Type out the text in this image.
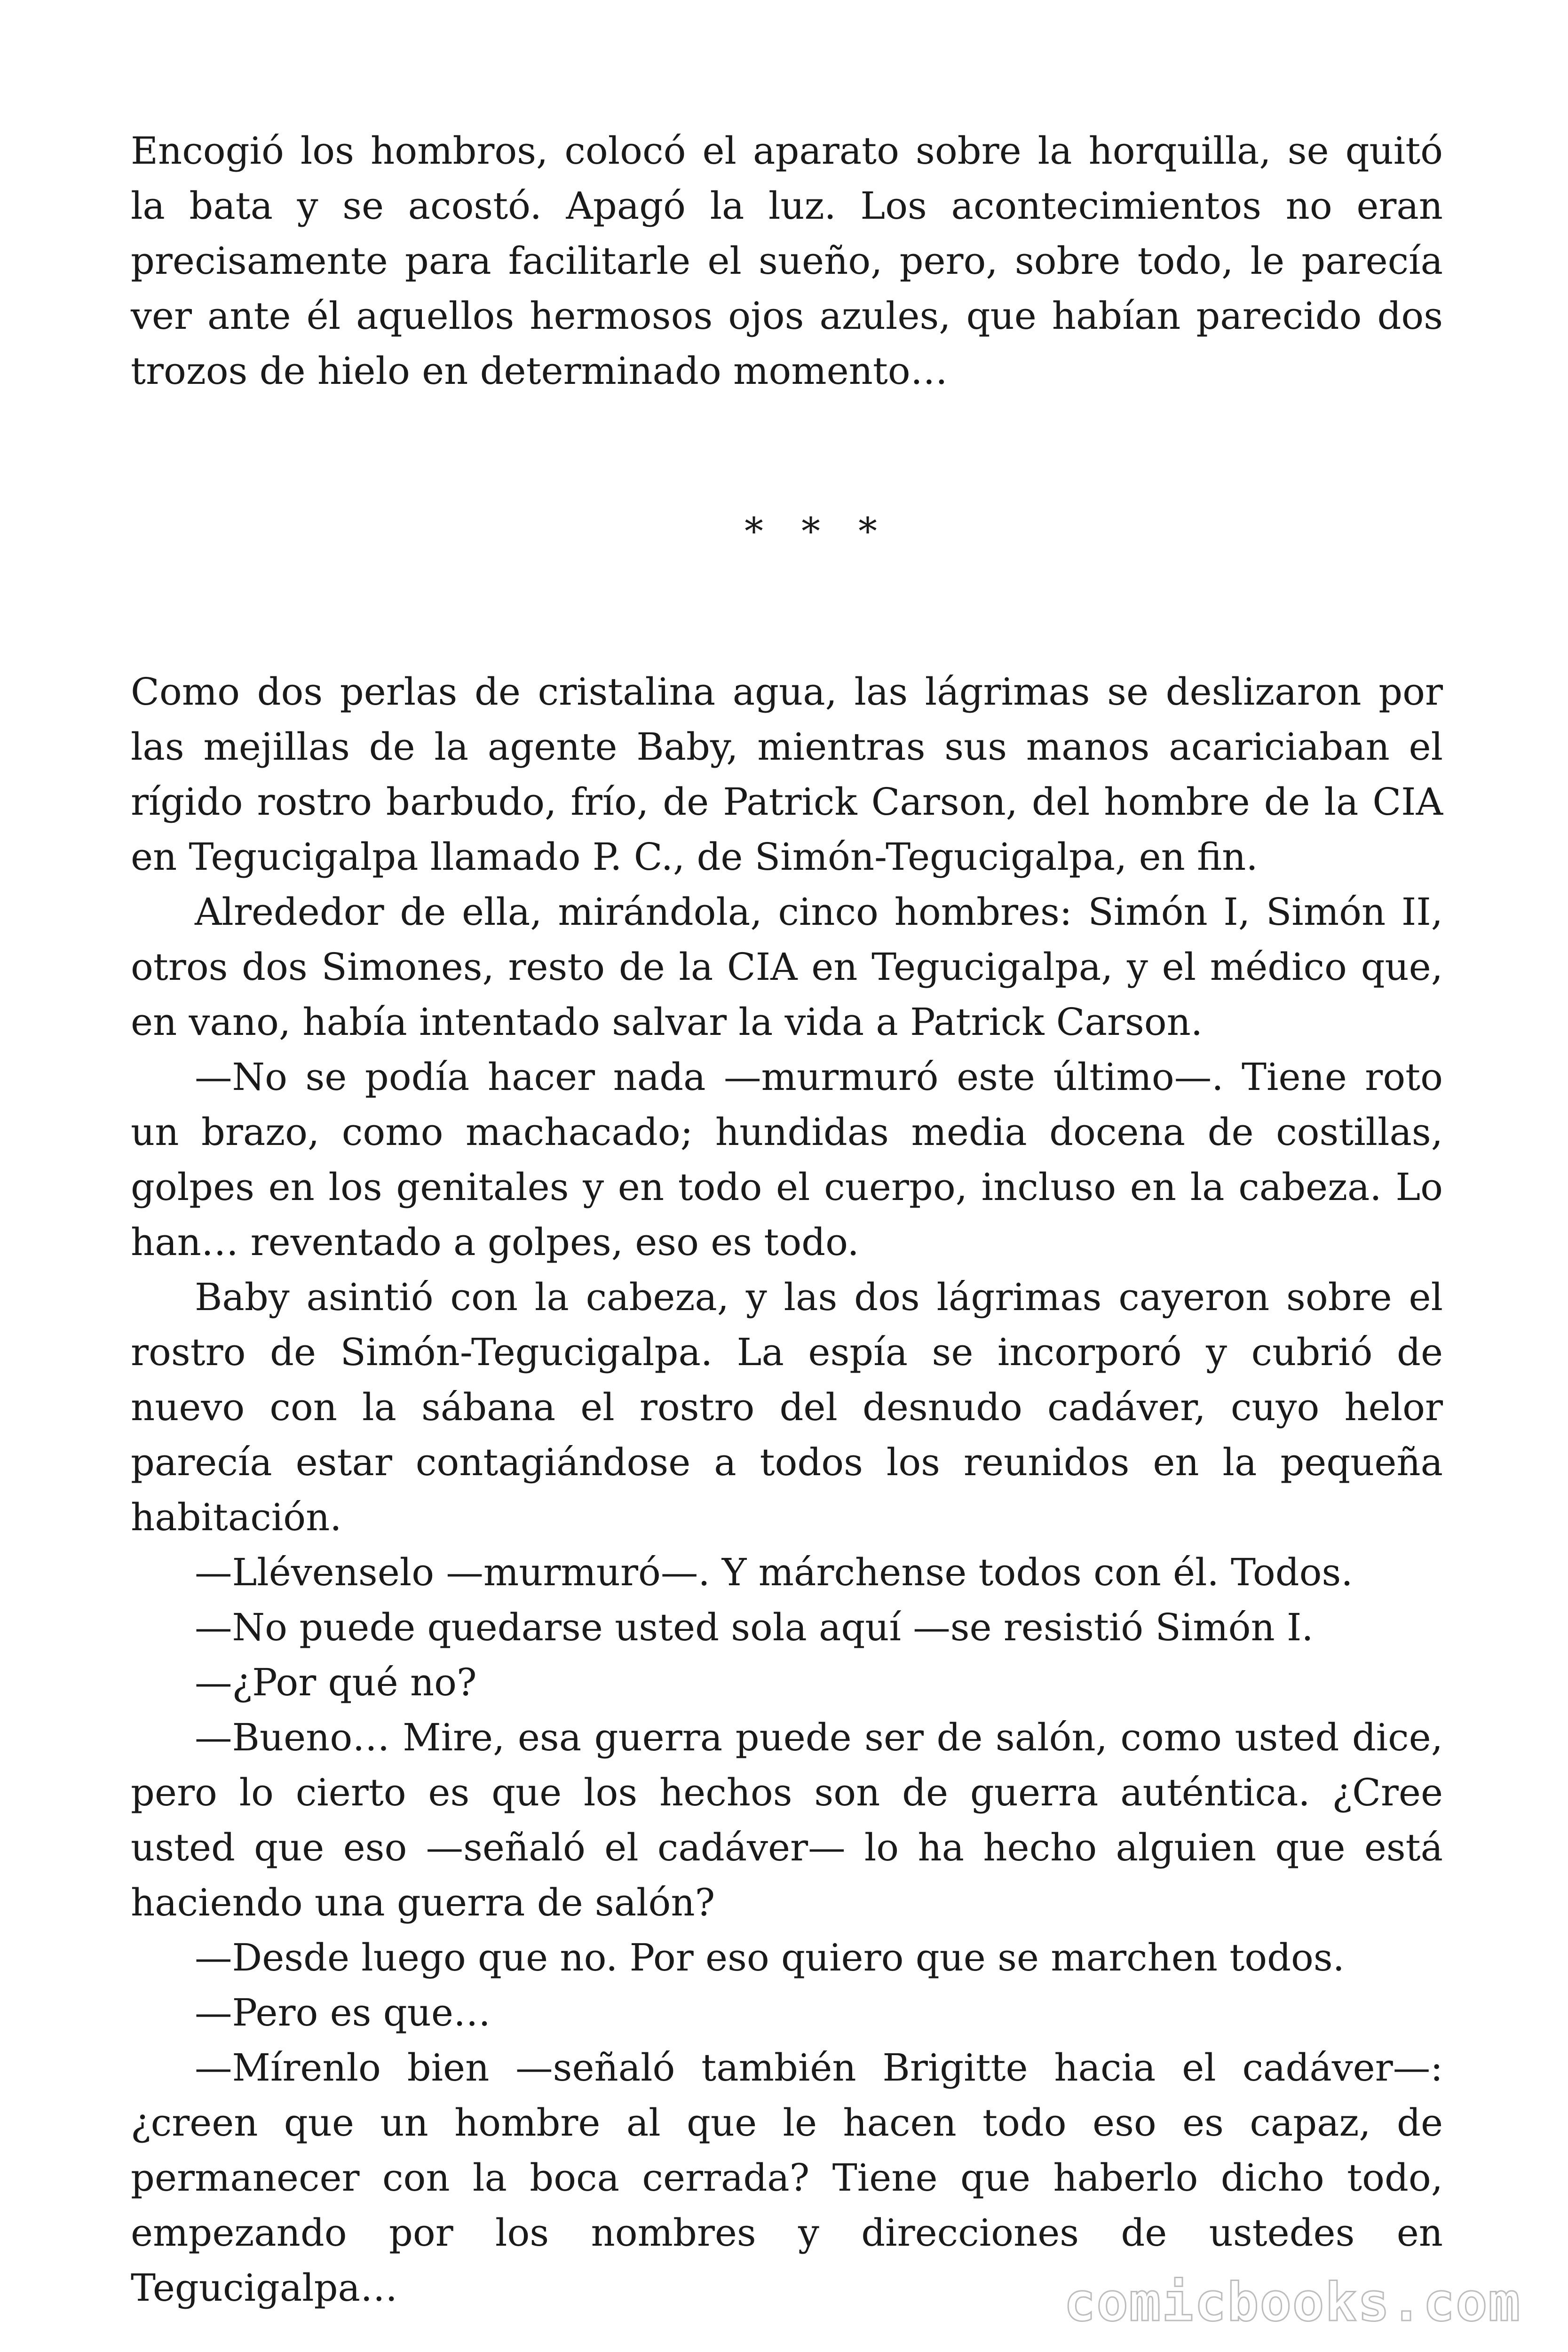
Encogió los hombros, colocó el aparato sobre la horquilla, se quitó la bata y se acostó. Apagó la luz. Los acontecimientos no eran precisamente para facilitarle el sueño, pero, sobre todo, le parecía ver ante él aquellos hermosos ojos azules, que habían parecido dos trozos de hielo en determinado momento…

* * *

Como dos perlas de cristalina agua, las lágrimas se deslizaron por las mejillas de la agente Baby, mientras sus manos acariciaban el rígido rostro barbudo, frío, de Patrick Carson, del hombre de la CIA en Tegucigalpa llamado P. C., de Simón-Tegucigalpa, en fin.

Alrededor de ella, mirándola, cinco hombres: Simón I, Simón II, otros dos Simones, resto de la CIA en Tegucigalpa, y el médico que, en vano, había intentado salvar la vida a Patrick Carson.

—No se podía hacer nada —murmuró este último—. Tiene roto un brazo, como machacado; hundidas media docena de costillas, golpes en los genitales y en todo el cuerpo, incluso en la cabeza. Lo han… reventado a golpes, eso es todo.

Baby asintió con la cabeza, y las dos lágrimas cayeron sobre el rostro de Simón-Tegucigalpa. La espía se incorporó y cubrió de nuevo con la sábana el rostro del desnudo cadáver, cuyo helor parecía estar contagiándose a todos los reunidos en la pequeña habitación.

—Llévenselo —murmuró—. Y márchense todos con él. Todos.

—No puede quedarse usted sola aquí —se resistió Simón I.

—¿Por qué no?

—Bueno… Mire, esa guerra puede ser de salón, como usted dice, pero lo cierto es que los hechos son de guerra auténtica. ¿Cree usted que eso —señaló el cadáver— lo ha hecho alguien que está haciendo una guerra de salón?

—Desde luego que no. Por eso quiero que se marchen todos.

—Pero es que…

—Mírenlo bien —señaló también Brigitte hacia el cadáver—: ¿creen que un hombre al que le hacen todo eso es capaz, de permanecer con la boca cerrada? Tiene que haberlo dicho todo, empezando por los nombres y direcciones de ustedes en Tegucigalpa…	comicbooks.com
